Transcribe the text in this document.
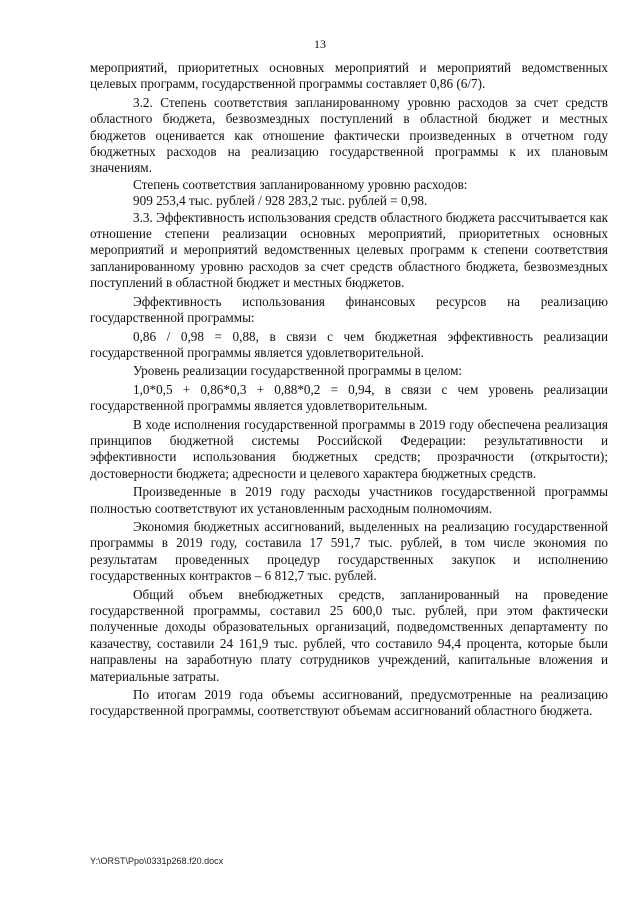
13

мероприятий, приоритетных основных мероприятий и мероприятий ведомственных целевых программ, государственной программы составляет 0,86 (6/7).

3.2. Степень соответствия запланированному уровню расходов за счет средств областного бюджета, безвозмездных поступлений в областной бюджет и местных бюджетов оценивается как отношение фактически произведенных в отчетном году бюджетных расходов на реализацию государственной программы к их плановым значениям.

Степень соответствия запланированному уровню расходов:

909 253,4 тыс. рублей / 928 283,2 тыс. рублей = 0,98.

3.3. Эффективность использования средств областного бюджета рассчитывается как отношение степени реализации основных мероприятий, приоритетных основных мероприятий и мероприятий ведомственных целевых программ к степени соответствия запланированному уровню расходов за счет средств областного бюджета, безвозмездных поступлений в областной бюджет и местных бюджетов.

Эффективность использования финансовых ресурсов на реализацию государственной программы:

0,86 / 0,98 = 0,88, в связи с чем бюджетная эффективность реализации государственной программы является удовлетворительной.

Уровень реализации государственной программы в целом:

1,0*0,5 + 0,86*0,3 + 0,88*0,2 = 0,94, в связи с чем уровень реализации государственной программы является удовлетворительным.

В ходе исполнения государственной программы в 2019 году обеспечена реализация принципов бюджетной системы Российской Федерации: результативности и эффективности использования бюджетных средств; прозрачности (открытости); достоверности бюджета; адресности и целевого характера бюджетных средств.

Произведенные в 2019 году расходы участников государственной программы полностью соответствуют их установленным расходным полномочиям.

Экономия бюджетных ассигнований, выделенных на реализацию государственной программы в 2019 году, составила 17 591,7 тыс. рублей, в том числе экономия по результатам проведенных процедур государственных закупок и исполнению государственных контрактов – 6 812,7 тыс. рублей.

Общий объем внебюджетных средств, запланированный на проведение государственной программы, составил 25 600,0 тыс. рублей, при этом фактически полученные доходы образовательных организаций, подведомственных департаменту по казачеству, составили 24 161,9 тыс. рублей, что составило 94,4 процента, которые были направлены на заработную плату сотрудников учреждений, капитальные вложения и материальные затраты.

По итогам 2019 года объемы ассигнований, предусмотренные на реализацию государственной программы, соответствуют объемам ассигнований областного бюджета.

Y:\ORST\Ppo\0331p268.f20.docx
